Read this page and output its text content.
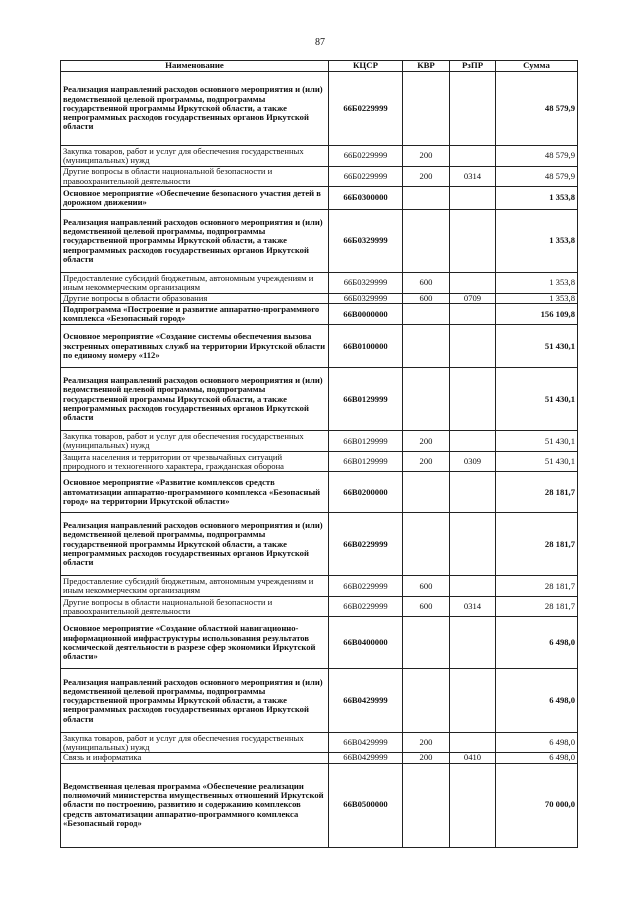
87
Наименование	КЦСР	КВР	РзПР	Сумма
Реализация направлений расходов основного мероприятия и (или) ведомственной целевой программы, подпрограммы государственной программы Иркутской области, а также непрограммных расходов государственных органов Иркутской области	66Б0229999			48 579,9
Закупка товаров, работ и услуг для обеспечения государственных (муниципальных) нужд	66Б0229999	200		48 579,9
Другие вопросы в области национальной безопасности и правоохранительной деятельности	66Б0229999	200	0314	48 579,9
Основное мероприятие «Обеспечение безопасного участия детей в дорожном движении»	66Б0300000			1 353,8
Реализация направлений расходов основного мероприятия и (или) ведомственной целевой программы, подпрограммы государственной программы Иркутской области, а также непрограммных расходов государственных органов Иркутской области	66Б0329999			1 353,8
Предоставление субсидий бюджетным, автономным учреждениям и иным некоммерческим организациям	66Б0329999	600		1 353,8
Другие вопросы в области образования	66Б0329999	600	0709	1 353,8
Подпрограмма «Построение и развитие аппаратно-программного комплекса «Безопасный город»	66В0000000			156 109,8
Основное мероприятие «Создание системы обеспечения вызова экстренных оперативных служб на территории Иркутской области по единому номеру «112»	66В0100000			51 430,1
Реализация направлений расходов основного мероприятия и (или) ведомственной целевой программы, подпрограммы государственной программы Иркутской области, а также непрограммных расходов государственных органов Иркутской области	66В0129999			51 430,1
Закупка товаров, работ и услуг для обеспечения государственных (муниципальных) нужд	66В0129999	200		51 430,1
Защита населения и территории от чрезвычайных ситуаций природного и техногенного характера, гражданская оборона	66В0129999	200	0309	51 430,1
Основное мероприятие «Развитие комплексов средств автоматизации аппаратно-программного комплекса «Безопасный город» на территории Иркутской области»	66В0200000			28 181,7
Реализация направлений расходов основного мероприятия и (или) ведомственной целевой программы, подпрограммы государственной программы Иркутской области, а также непрограммных расходов государственных органов Иркутской области	66В0229999			28 181,7
Предоставление субсидий бюджетным, автономным учреждениям и иным некоммерческим организациям	66В0229999	600		28 181,7
Другие вопросы в области национальной безопасности и правоохранительной деятельности	66В0229999	600	0314	28 181,7
Основное мероприятие «Создание областной навигационно-информационной инфраструктуры использования результатов космической деятельности в разрезе сфер экономики Иркутской области»	66В0400000			6 498,0
Реализация направлений расходов основного мероприятия и (или) ведомственной целевой программы, подпрограммы государственной программы Иркутской области, а также непрограммных расходов государственных органов Иркутской области	66В0429999			6 498,0
Закупка товаров, работ и услуг для обеспечения государственных (муниципальных) нужд	66В0429999	200		6 498,0
Связь и информатика	66В0429999	200	0410	6 498,0
Ведомственная целевая программа «Обеспечение реализации полномочий министерства имущественных отношений Иркутской области по построению, развитию и содержанию комплексов средств автоматизации аппаратно-программного комплекса «Безопасный город»	66В0500000			70 000,0
